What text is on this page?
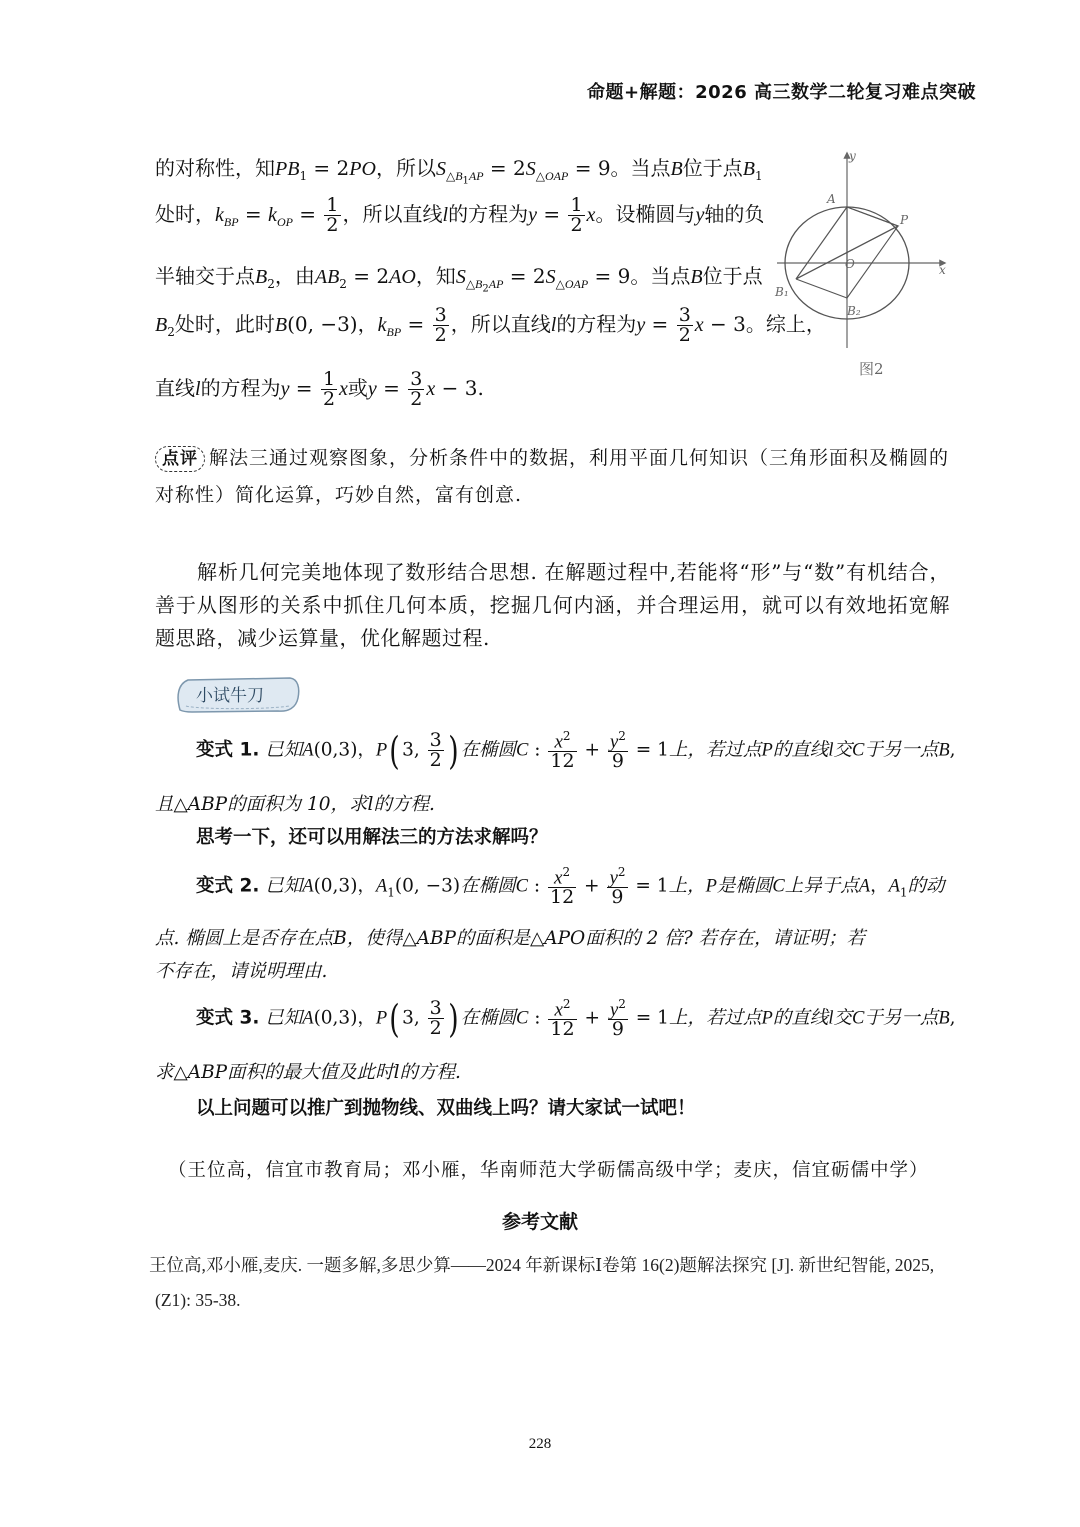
命题+解题：2026 高三数学二轮复习难点突破
的对称性，知$PB_1 = 2PO$，所以$S_{\triangle B_1AP} = 2S_{\triangle OAP} = 9$。当点B位于点$B_1$
处时，$k_{BP} = k_{OP} = \frac{1}{2}$ ，所以直线l的方程为$y = \frac{1}{2}$ x。设椭圆与y轴的负
半轴交于点$B_2$，由$AB_2 = 2AO$，知$S_{\triangle B_2AP} = 2S_{\triangle OAP} = 9$。当点B位于点
$B_2$处时，此时B(0, −3)，$k_{BP} = \frac{3}{2}$ ，所以直线l的方程为$y = \frac{3}{2}$ x − 3。综上，
直线l的方程为$y = \frac{1}{2}$ x或$y = \frac{3}{2}$ x − 3.
y
x
O
A
P
B₁
B₂
图2
点评 解法三通过观察图象，分析条件中的数据，利用平面几何知识（三角形面积及椭圆的对称性）简化运算，巧妙自然，富有创意.
解析几何完美地体现了数形结合思想. 在解题过程中,若能将“形”与“数”有机结合，善于从图形的关系中抓住几何本质，挖掘几何内涵，并合理运用，就可以有效地拓宽解题思路，减少运算量，优化解题过程.
小试牛刀
变式 1. 已知A(0,3)，P( 3, $\frac{3}{2}$ ) 在椭圆C : $\frac{x^2}{12} + \frac{y^2}{9} = 1$上，若过点P的直线l交C于另一点B,
且△ABP的面积为 10，求l的方程.
思考一下，还可以用解法三的方法求解吗？
变式 2. 已知A(0,3)，$A_1(0$, −3)在椭圆C : $\frac{x^2}{12} + \frac{y^2}{9} = 1$上，P是椭圆C上异于点A，$A_1$的动
点. 椭圆上是否存在点B，使得△ABP的面积是△APO面积的 2 倍? 若存在，请证明；若
不存在，请说明理由.
变式 3. 已知A(0,3)，P( 3, $\frac{3}{2}$ ) 在椭圆C : $\frac{x^2}{12} + \frac{y^2}{9} = 1$上，若过点P的直线l交C于另一点B,
求△ABP面积的最大值及此时l的方程.
以上问题可以推广到抛物线、双曲线上吗？请大家试一试吧！
（王位高，信宜市教育局；邓小雁，华南师范大学砺儒高级中学；麦庆，信宜砺儒中学）
参考文献
王位高,邓小雁,麦庆. 一题多解,多思少算——2024 年新课标Ⅰ卷第 16(2)题解法探究 [J]. 新世纪智能, 2025, (Z1): 35-38.
228
